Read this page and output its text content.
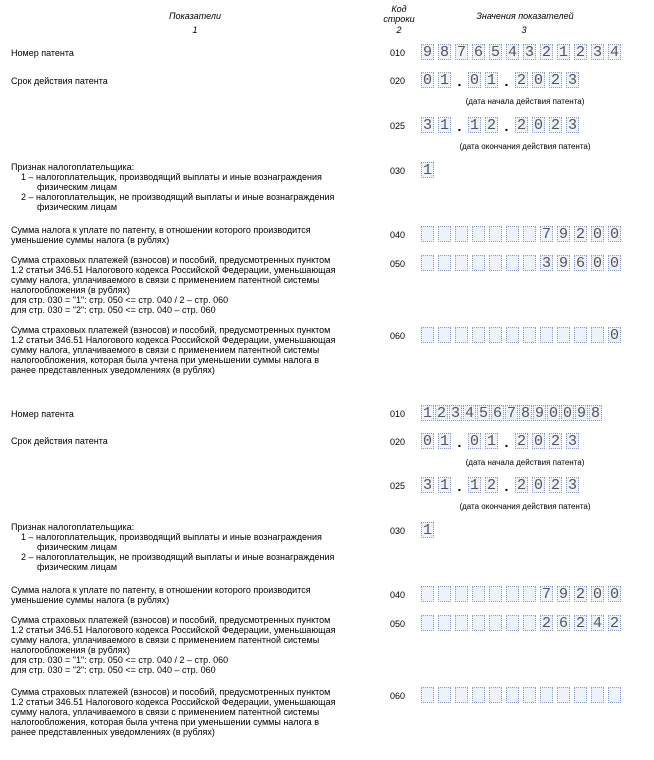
Показатели
1
Код
строки
2
Значения показателей
3
Номер патента	010 9 8 7 6 5 4 3 2 1 2 3 4
Срок действия патента	020 0 1 . 0 1 . 2 0 2 3
(дата начала действия патента)
025 3 1 . 1 2 . 2 0 2 3
(дата окончания действия патента)
Признак налогоплательщика:
1 – налогоплательщик, производящий выплаты и иные вознаграждения
физическим лицам
2 – налогоплательщик, не производящий выплаты и иные вознаграждения
физическим лицам
030 1
Сумма налога к уплате по патенту, в отношении которого производится
уменьшение суммы налога (в рублях)	040	7 9 2 0 0
Сумма страховых платежей (взносов) и пособий, предусмотренных пунктом
1.2 статьи 346.51 Налогового кодекса Российской Федерации, уменьшающая
сумму налога, уплачиваемого в связи с применением патентной системы
налогообложения (в рублях)
для стр. 030 = "1": стр. 050 <= стр. 040 / 2 – стр. 060
для стр. 030 = "2": стр. 050 <= стр. 040 – стр. 060
050	3 9 6 0 0
Сумма страховых платежей (взносов) и пособий, предусмотренных пунктом
1.2 статьи 346.51 Налогового кодекса Российской Федерации, уменьшающая
сумму налога, уплачиваемого в связи с применением патентной системы
налогообложения, которая была учтена при уменьшении суммы налога в
ранее представленных уведомлениях (в рублях)
060	0
Номер патента	010 1 2 3 4 5 6 7 8 9 0 0 9 8
Срок действия патента	020 0 1 . 0 1 . 2 0 2 3
(дата начала действия патента)
025 3 1 . 1 2 . 2 0 2 3
(дата окончания действия патента)
Признак налогоплательщика:
1 – налогоплательщик, производящий выплаты и иные вознаграждения
физическим лицам
2 – налогоплательщик, не производящий выплаты и иные вознаграждения
физическим лицам
030 1
Сумма налога к уплате по патенту, в отношении которого производится
уменьшение суммы налога (в рублях)	040	7 9 2 0 0
Сумма страховых платежей (взносов) и пособий, предусмотренных пунктом
1.2 статьи 346.51 Налогового кодекса Российской Федерации, уменьшающая
сумму налога, уплачиваемого в связи с применением патентной системы
налогообложения (в рублях)
для стр. 030 = "1": стр. 050 <= стр. 040 / 2 – стр. 060
для стр. 030 = "2": стр. 050 <= стр. 040 – стр. 060
050	2 6 2 4 2
Сумма страховых платежей (взносов) и пособий, предусмотренных пунктом
1.2 статьи 346.51 Налогового кодекса Российской Федерации, уменьшающая
сумму налога, уплачиваемого в связи с применением патентной системы
налогообложения, которая была учтена при уменьшении суммы налога в
ранее представленных уведомлениях (в рублях)
060
